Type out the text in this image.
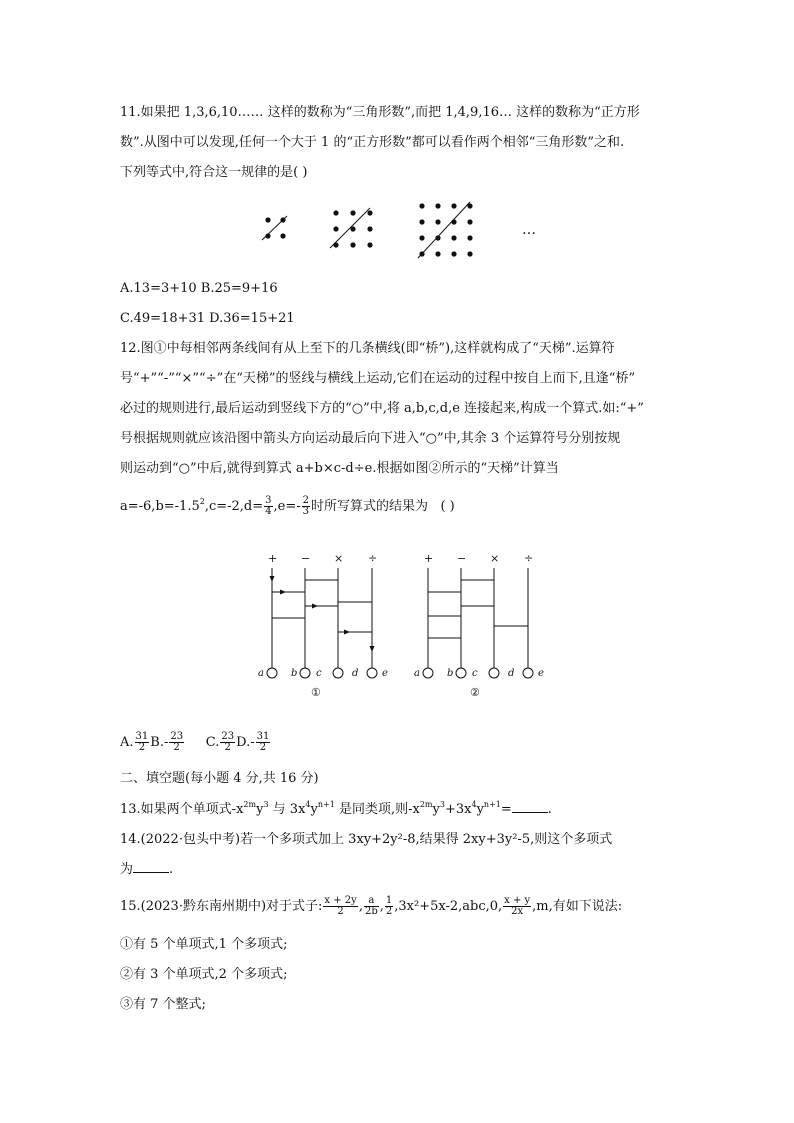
11.如果把 1,3,6,10…… 这样的数称为“三角形数”,而把 1,4,9,16… 这样的数称为“正方形
数”.从图中可以发现,任何一个大于 1 的“正方形数”都可以看作两个相邻“三角形数”之和.
下列等式中,符合这一规律的是( )
…
A.13=3+10 B.25=9+16
C.49=18+31 D.36=15+21
12.图①中每相邻两条线间有从上至下的几条横线(即“桥”),这样就构成了“天梯”.运算符
号“+”“-”“×”“÷”在“天梯”的竖线与横线上运动,它们在运动的过程中按自上而下,且逢“桥”
必过的规则进行,最后运动到竖线下方的“○”中,将 a,b,c,d,e 连接起来,构成一个算式.如:“+”
号根据规则就应该沿图中箭头方向运动最后向下进入“○”中,其余 3 个运算符号分别按规
则运动到“○”中后,就得到算式 a+b×c-d÷e.根据如图②所示的“天梯”计算当
$a=-6,b=-1.5^2,c=-2,d= \frac{3}{4} ,e=- \frac{2}{3}$ 时所写算式的结果为 ( )
+ − × ÷
a	b c	d e
①
+ − × ÷
a	b c	d e
②
A. $\frac{31}{2} B.- \frac{23}{2} C$. $\frac{23}{2} D.- \frac{31}{2}$
二、填空题(每小题 4 分,共 16 分)
13.如果两个单项式$-x^{2m}y^3$ 与 $3x^4y^{n+1}$ 是同类项,则$-x^{2m}y^3+3x^4y^{n+1}=$	.
14.(2022·包头中考)若一个多项式加上 3xy+2y²-8,结果得 2xy+3y²-5,则这个多项式
为	.
15.(2023·黔东南州期中)对于式子: $\frac{x + 2y}{2}$ , $\frac{a}{2b}$ , $\frac{1}{2} ,3x^2+5x-2,abc,0$, $\frac{x + y}{2x} ,m$,有如下说法:
①有 5 个单项式,1 个多项式;
②有 3 个单项式,2 个多项式;
③有 7 个整式;
